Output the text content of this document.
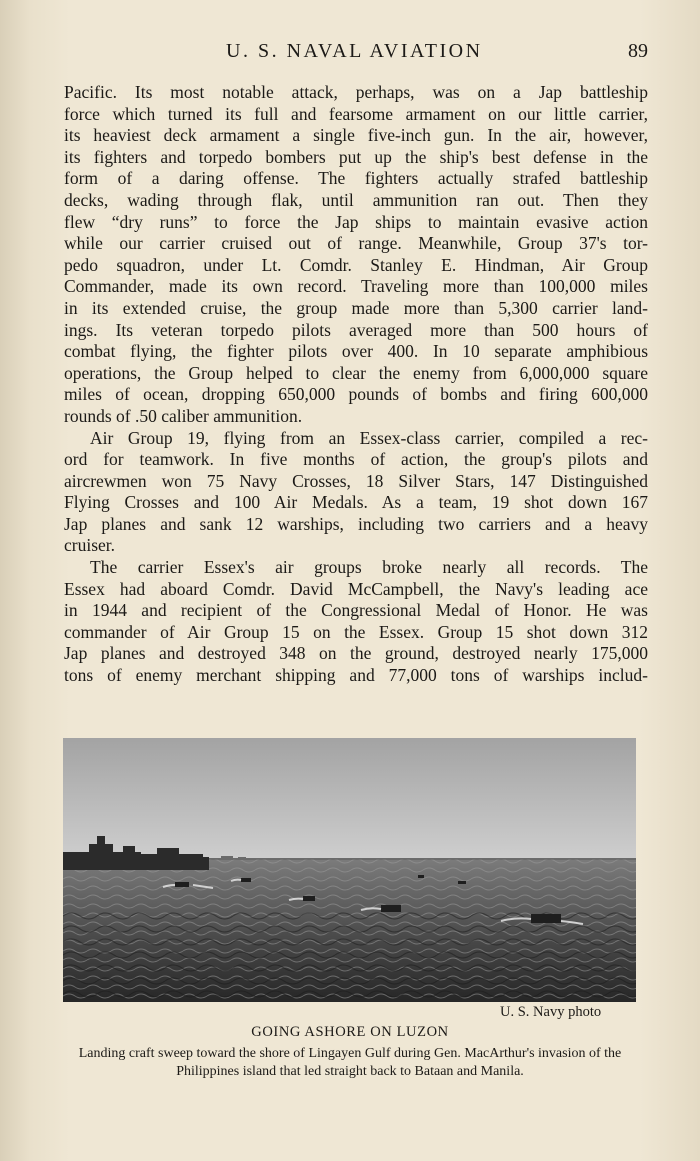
U. S. NAVAL AVIATION	89
Pacific. Its most notable attack, perhaps, was on a Jap battleship
force which turned its full and fearsome armament on our little carrier,
its heaviest deck armament a single five-inch gun. In the air, however,
its fighters and torpedo bombers put up the ship's best defense in the
form of a daring offense. The fighters actually strafed battleship
decks, wading through flak, until ammunition ran out. Then they
flew “dry runs” to force the Jap ships to maintain evasive action
while our carrier cruised out of range. Meanwhile, Group 37's tor-
pedo squadron, under Lt. Comdr. Stanley E. Hindman, Air Group
Commander, made its own record. Traveling more than 100,000 miles
in its extended cruise, the group made more than 5,300 carrier land-
ings. Its veteran torpedo pilots averaged more than 500 hours of
combat flying, the fighter pilots over 400. In 10 separate amphibious
operations, the Group helped to clear the enemy from 6,000,000 square
miles of ocean, dropping 650,000 pounds of bombs and firing 600,000
rounds of .50 caliber ammunition.
Air Group 19, flying from an Essex-class carrier, compiled a rec-
ord for teamwork. In five months of action, the group's pilots and
aircrewmen won 75 Navy Crosses, 18 Silver Stars, 147 Distinguished
Flying Crosses and 100 Air Medals. As a team, 19 shot down 167
Jap planes and sank 12 warships, including two carriers and a heavy
cruiser.
The carrier Essex's air groups broke nearly all records. The
Essex had aboard Comdr. David McCampbell, the Navy's leading ace
in 1944 and recipient of the Congressional Medal of Honor. He was
commander of Air Group 15 on the Essex. Group 15 shot down 312
Jap planes and destroyed 348 on the ground, destroyed nearly 175,000
tons of enemy merchant shipping and 77,000 tons of warships includ-
U. S. Navy photo
GOING ASHORE ON LUZON
Landing craft sweep toward the shore of Lingayen Gulf during Gen. MacArthur's invasion of the Philippines island that led straight back to Bataan and Manila.
